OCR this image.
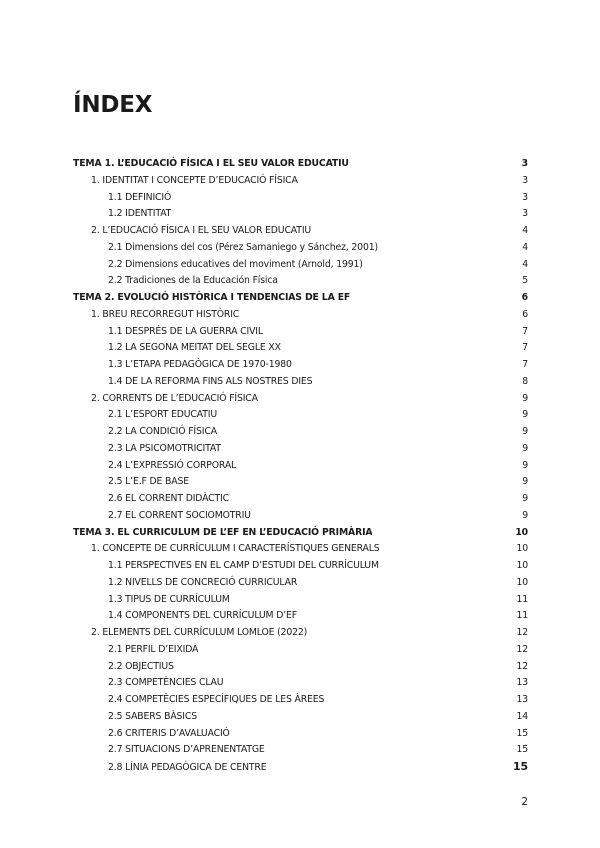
ÍNDEX
TEMA 1. L’EDUCACIÓ FÍSICA I EL SEU VALOR EDUCATIU	3
1. IDENTITAT I CONCEPTE D’EDUCACIÓ FÍSICA	3
1.1 DEFINICIÓ	3
1.2 IDENTITAT	3
2. L’EDUCACIÓ FÍSICA I EL SEU VALOR EDUCATIU	4
2.1 Dimensions del cos (Pérez Samaniego y Sánchez, 2001)	4
2.2 Dimensions educatives del moviment (Arnold, 1991)	4
2.2 Tradiciones de la Educación Física	5
TEMA 2. EVOLUCIÓ HISTÒRICA I TENDENCIAS DE LA EF	6
1. BREU RECORREGUT HISTÒRIC	6
1.1 DESPRÉS DE LA GUERRA CIVIL	7
1.2 LA SEGONA MEITAT DEL SEGLE XX	7
1.3 L’ETAPA PEDAGÒGICA DE 1970-1980	7
1.4 DE LA REFORMA FINS ALS NOSTRES DIES	8
2. CORRENTS DE L’EDUCACIÓ FÍSICA	9
2.1 L’ESPORT EDUCATIU	9
2.2 LA CONDICIÓ FÍSICA	9
2.3 LA PSICOMOTRICITAT	9
2.4 L’EXPRESSIÓ CORPORAL	9
2.5 L’E.F DE BASE	9
2.6 EL CORRENT DIDÀCTIC	9
2.7 EL CORRENT SOCIOMOTRIU	9
TEMA 3. EL CURRICULUM DE L’EF EN L’EDUCACIÓ PRIMÀRIA	10
1. CONCEPTE DE CURRÍCULUM I CARACTERÍSTIQUES GENERALS	10
1.1 PERSPECTIVES EN EL CAMP D’ESTUDI DEL CURRÍCULUM	10
1.2 NIVELLS DE CONCRECIÓ CURRICULAR	10
1.3 TIPUS DE CURRÍCULUM	11
1.4 COMPONENTS DEL CURRÍCULUM D’EF	11
2. ELEMENTS DEL CURRÍCULUM LOMLOE (2022)	12
2.1 PERFIL D’EIXIDA	12
2.2 OBJECTIUS	12
2.3 COMPETÈNCIES CLAU	13
2.4 COMPETÈCIES ESPECÍFIQUES DE LES ÀREES	13
2.5 SABERS BÀSICS	14
2.6 CRITERIS D’AVALUACIÓ	15
2.7 SITUACIONS D’APRENENTATGE	15
2.8 LÍNIA PEDAGÒGICA DE CENTRE	15
2
